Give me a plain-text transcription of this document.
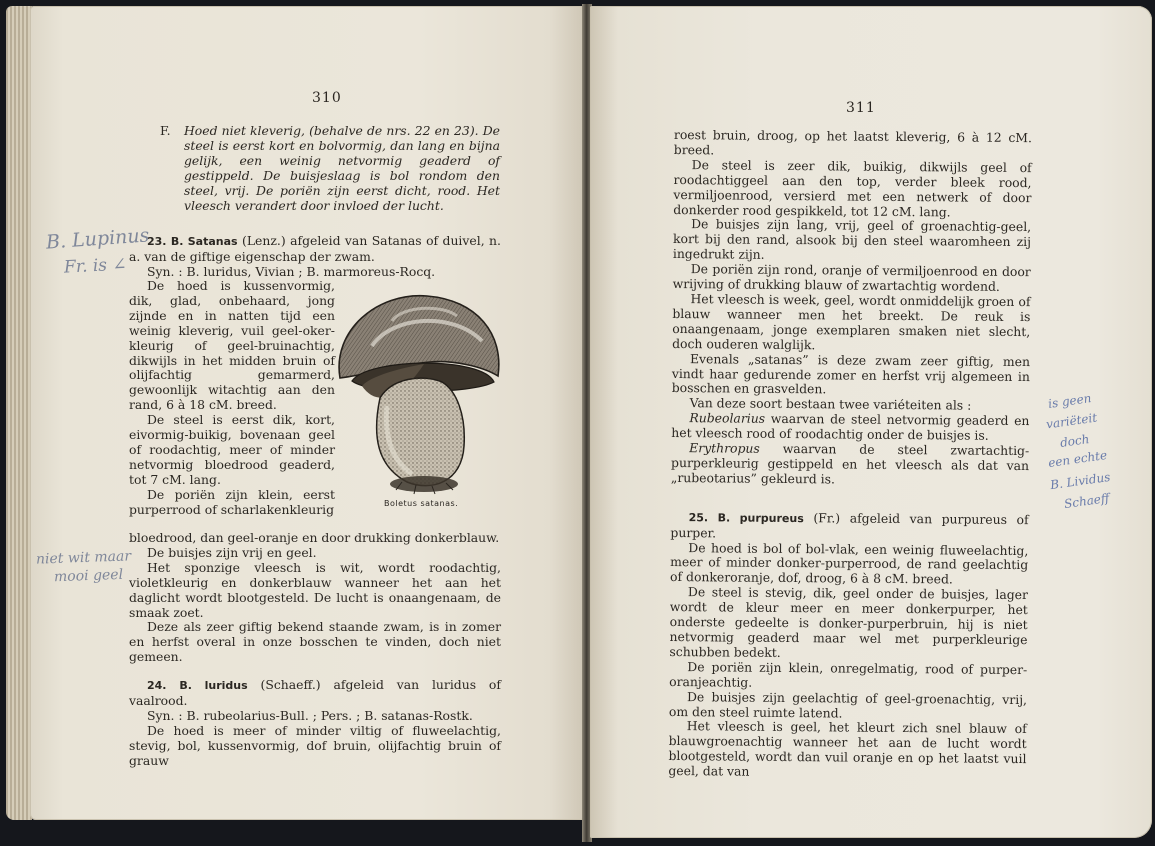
310
F.	Hoed niet kleverig, (behalve de nrs. 22 en 23). De steel is eerst kort en bolvormig, dan lang en bijna gelijk, een weinig netvormig geaderd of gestippeld. De buisjeslaag is bol rondom den steel, vrij. De poriën zijn eerst dicht, rood. Het vleesch verandert door invloed der lucht.

23. B. Satanas (Lenz.) afgeleid van Satanas of duivel, n. a. van de giftige eigenschap der zwam.

Syn. : B. luridus, Vivian ; B. marmoreus-Rocq.

De hoed is kussenvormig, dik, glad, onbehaard, jong zijnde en in natten tijd een weinig kleverig, vuil geel-oker-kleurig of geel-bruinachtig, dikwijls in het midden bruin of olijfachtig gemarmerd, gewoonlijk witachtig aan den rand, 6 à 18 cM. breed.

De steel is eerst dik, kort, eivormig-buikig, bovenaan geel of roodachtig, meer of minder netvormig bloedrood geaderd, tot 7 cM. lang.

De poriën zijn klein, eerst purperrood of scharlakenkleurig	Boletus satanas.

bloedrood, dan geel-oranje en door drukking donkerblauw.

De buisjes zijn vrij en geel.

Het sponzige vleesch is wit, wordt roodachtig, violetkleurig en donkerblauw wanneer het aan het daglicht wordt blootgesteld. De lucht is onaangenaam, de smaak zoet.

Deze als zeer giftig bekend staande zwam, is in zomer en herfst overal in onze bosschen te vinden, doch niet gemeen.

24. B. luridus (Schaeff.) afgeleid van luridus of vaalrood.

Syn. : B. rubeolarius-Bull. ; Pers. ; B. satanas-Rostk.

De hoed is meer of minder viltig of fluweelachtig, stevig, bol, kussenvormig, dof bruin, olijfachtig bruin of grauw

B. Lupinus
Fr. is ∠
niet wit maar
mooi geel
311

roest bruin, droog, op het laatst kleverig, 6 à 12 cM. breed.

De steel is zeer dik, buikig, dikwijls geel of roodachtiggeel aan den top, verder bleek rood, vermiljoenrood, versierd met een netwerk of door donkerder rood gespikkeld, tot 12 cM. lang.

De buisjes zijn lang, vrij, geel of groenachtig-geel, kort bij den rand, alsook bij den steel waaromheen zij ingedrukt zijn.

De poriën zijn rond, oranje of vermiljoenrood en door wrijving of drukking blauw of zwartachtig wordend.

Het vleesch is week, geel, wordt onmiddelijk groen of blauw wanneer men het breekt. De reuk is onaangenaam, jonge exemplaren smaken niet slecht, doch ouderen walglijk.

Evenals „satanas” is deze zwam zeer giftig, men vindt haar gedurende zomer en herfst vrij algemeen in bosschen en grasvelden.

Van deze soort bestaan twee variéteiten als :

Rubeolarius waarvan de steel netvormig geaderd en het vleesch rood of roodachtig onder de buisjes is.

Erythropus waarvan de steel zwartachtig-purperkleurig gestippeld en het vleesch als dat van „rubeotarius” gekleurd is.

25. B. purpureus (Fr.) afgeleid van purpureus of purper.

De hoed is bol of bol-vlak, een weinig fluweelachtig, meer of minder donker-purperrood, de rand geelachtig of donkeroranje, dof, droog, 6 à 8 cM. breed.

De steel is stevig, dik, geel onder de buisjes, lager wordt de kleur meer en meer donkerpurper, het onderste gedeelte is donker-purperbruin, hij is niet netvormig geaderd maar wel met purperkleurige schubben bedekt.

De poriën zijn klein, onregelmatig, rood of purper-oranjeachtig.

De buisjes zijn geelachtig of geel-groenachtig, vrij, om den steel ruimte latend.

Het vleesch is geel, het kleurt zich snel blauw of blauwgroenachtig wanneer het aan de lucht wordt blootgesteld, wordt dan vuil oranje en op het laatst vuil geel, dat van

is geen
variëteit
doch
een echte
B. Lividus
Schaeff
